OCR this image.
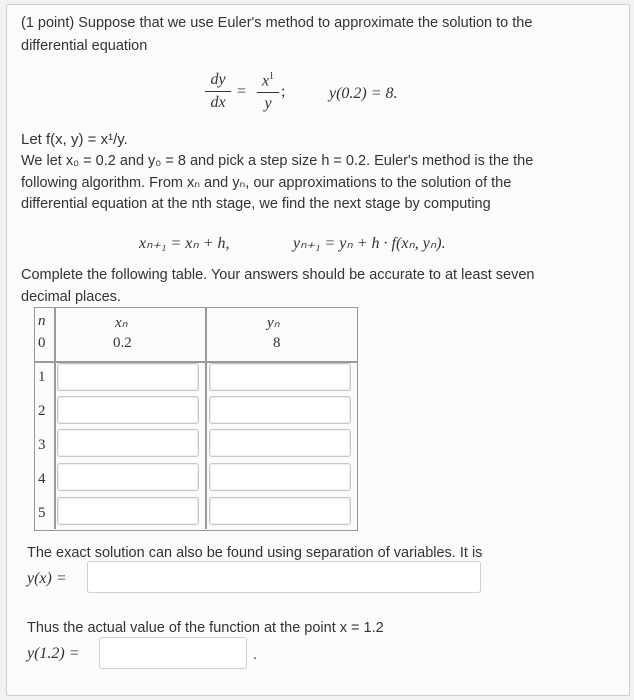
(1 point) Suppose that we use Euler's method to approximate the solution to the
differential equation
dy
dx
=
$x^1$
y
;	y(0.2) = 8.
Let f(x, y) = x¹/y.
We let x₀ = 0.2 and y₀ = 8 and pick a step size h = 0.2. Euler's method is the the
following algorithm. From xₙ and yₙ, our approximations to the solution of the
differential equation at the nth stage, we find the next stage by computing
xₙ₊₁ = xₙ + h,	yₙ₊₁ = yₙ + h · f(xₙ, yₙ).
Complete the following table. Your answers should be accurate to at least seven
decimal places.
n	xₙ	yₙ
0	0.2	8
1
2
3
4
5
The exact solution can also be found using separation of variables. It is
y(x) =
Thus the actual value of the function at the point x = 1.2
y(1.2) =	.
